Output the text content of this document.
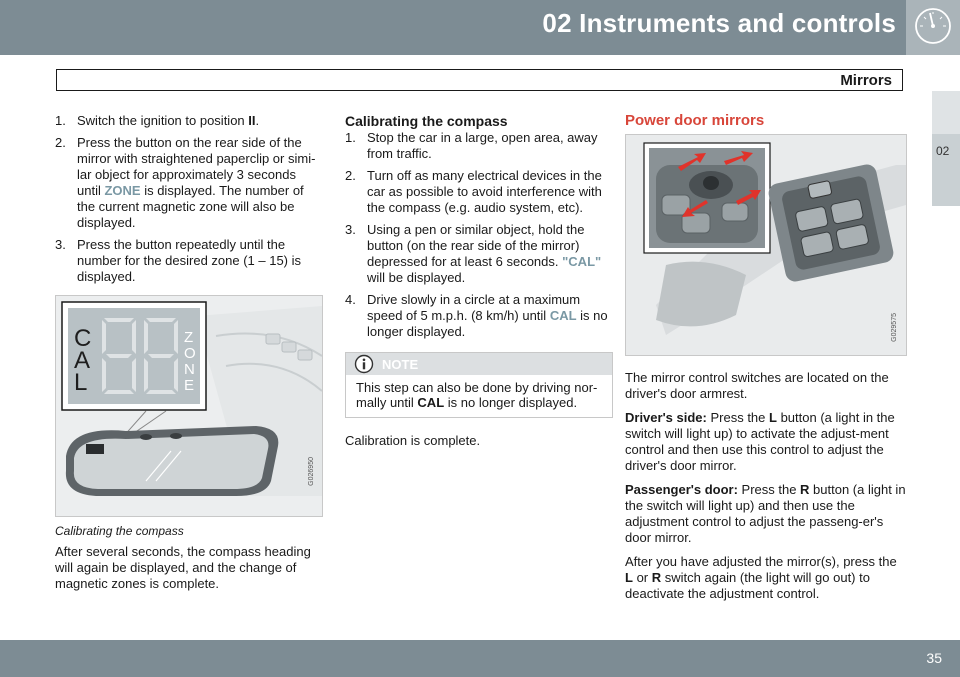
02 Instruments and controls
Mirrors
02
1. Switch the ignition to position II.
2. Press the button on the rear side of the mirror with straightened paperclip or simi-lar object for approximately 3 seconds until ZONE is displayed. The number of the current magnetic zone will also be displayed.
3. Press the button repeatedly until the number for the desired zone (1 – 15) is displayed.
C
A
L
Z
O
N
E
G026950
Calibrating the compass

After several seconds, the compass heading will again be displayed, and the change of magnetic zones is complete.

Calibrating the compass
1. Stop the car in a large, open area, away from traffic.
2. Turn off as many electrical devices in the car as possible to avoid interference with the compass (e.g. audio system, etc).
3. Using a pen or similar object, hold the button (on the rear side of the mirror) depressed for at least 6 seconds. "CAL" will be displayed.
4. Drive slowly in a circle at a maximum speed of 5 m.p.h. (8 km/h) until CAL is no longer displayed.
NOTE
This step can also be done by driving nor-mally until CAL is no longer displayed.

Calibration is complete.

Power door mirrors
G029575

The mirror control switches are located on the driver's door armrest.

Driver's side: Press the L button (a light in the switch will light up) to activate the adjust-ment control and then use this control to adjust the driver's door mirror.

Passenger's door: Press the R button (a light in the switch will light up) and then use the adjustment control to adjust the passeng-er's door mirror.

After you have adjusted the mirror(s), press the L or R switch again (the light will go out) to deactivate the adjustment control.

35
